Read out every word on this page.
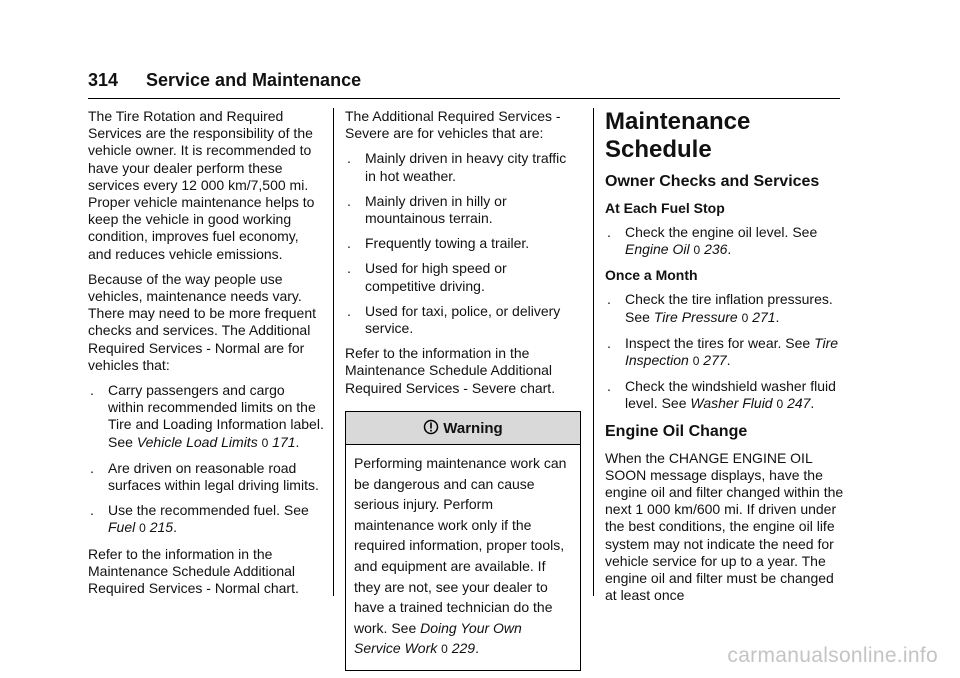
314 Service and Maintenance

The Tire Rotation and Required Services are the responsibility of the vehicle owner. It is recommended to have your dealer perform these services every 12 000 km/7,500 mi. Proper vehicle maintenance helps to keep the vehicle in good working condition, improves fuel economy, and reduces vehicle emissions.

Because of the way people use vehicles, maintenance needs vary. There may need to be more frequent checks and services. The Additional Required Services - Normal are for vehicles that:

. Carry passengers and cargo within recommended limits on the Tire and Loading Information label. See Vehicle Load Limits 0 171.
. Are driven on reasonable road surfaces within legal driving limits.
. Use the recommended fuel. See Fuel 0 215.

Refer to the information in the Maintenance Schedule Additional Required Services - Normal chart.

The Additional Required Services - Severe are for vehicles that are:

. Mainly driven in heavy city traffic in hot weather.
. Mainly driven in hilly or mountainous terrain.
. Frequently towing a trailer.
. Used for high speed or competitive driving.
. Used for taxi, police, or delivery service.

Refer to the information in the Maintenance Schedule Additional Required Services - Severe chart.

Warning
Performing maintenance work can be dangerous and can cause serious injury. Perform maintenance work only if the required information, proper tools, and equipment are available. If they are not, see your dealer to have a trained technician do the work. See Doing Your Own Service Work 0 229.
Maintenance Schedule
Owner Checks and Services
At Each Fuel Stop
. Check the engine oil level. See Engine Oil 0 236.
Once a Month
. Check the tire inflation pressures. See Tire Pressure 0 271.
. Inspect the tires for wear. See Tire Inspection 0 277.
. Check the windshield washer fluid level. See Washer Fluid 0 247.
Engine Oil Change

When the CHANGE ENGINE OIL SOON message displays, have the engine oil and filter changed within the next 1 000 km/600 mi. If driven under the best conditions, the engine oil life system may not indicate the need for vehicle service for up to a year. The engine oil and filter must be changed at least once

carmanualsonline.info
